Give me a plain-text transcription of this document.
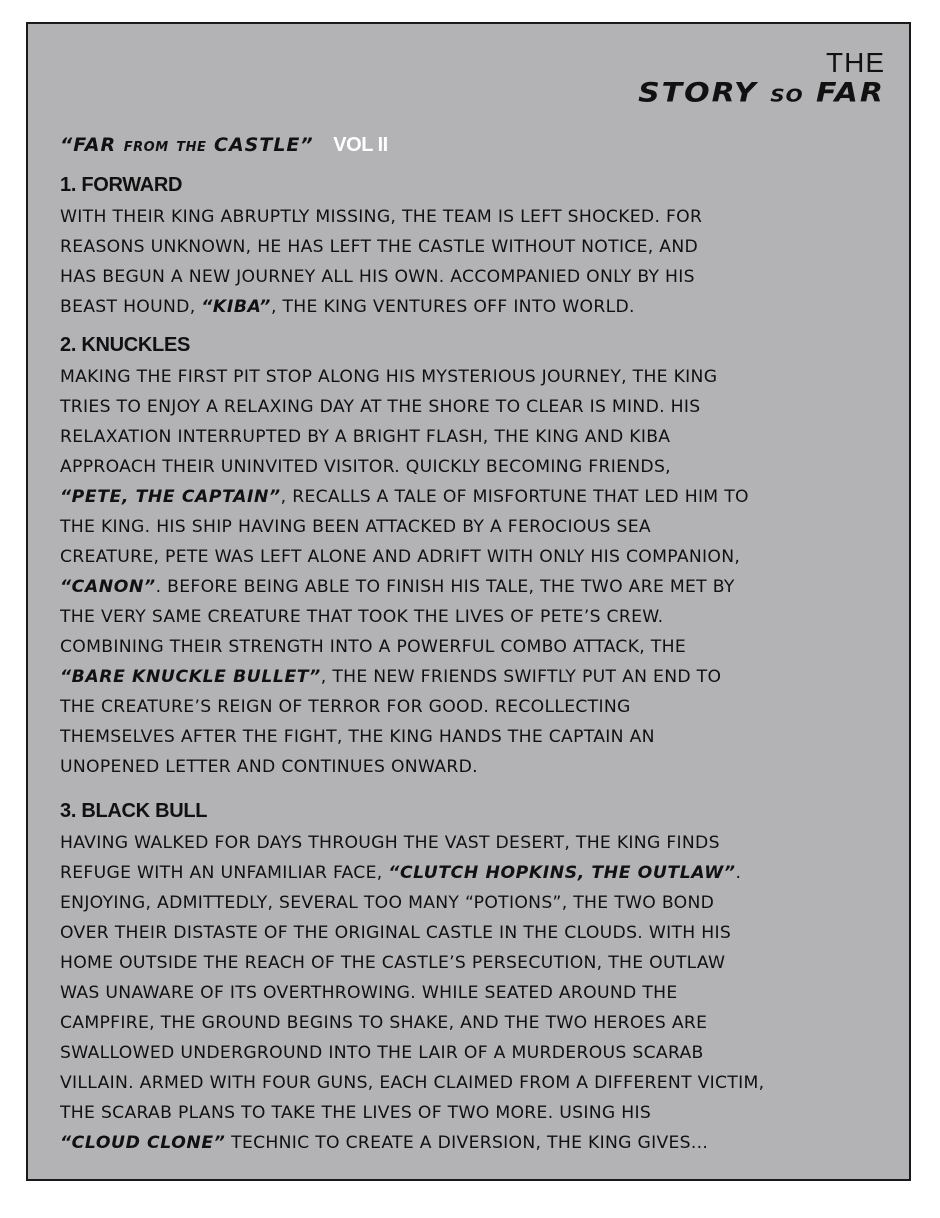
THE
STORY SO FAR
“FAR FROM THE CASTLE” VOL II
1. FORWARD
WITH THEIR KING ABRUPTLY MISSING, THE TEAM IS LEFT SHOCKED. FOR
REASONS UNKNOWN, HE HAS LEFT THE CASTLE WITHOUT NOTICE, AND
HAS BEGUN A NEW JOURNEY ALL HIS OWN. ACCOMPANIED ONLY BY HIS
BEAST HOUND, “KIBA”, THE KING VENTURES OFF INTO WORLD.
2. KNUCKLES
MAKING THE FIRST PIT STOP ALONG HIS MYSTERIOUS JOURNEY, THE KING
TRIES TO ENJOY A RELAXING DAY AT THE SHORE TO CLEAR IS MIND. HIS
RELAXATION INTERRUPTED BY A BRIGHT FLASH, THE KING AND KIBA
APPROACH THEIR UNINVITED VISITOR. QUICKLY BECOMING FRIENDS,
“PETE, THE CAPTAIN”, RECALLS A TALE OF MISFORTUNE THAT LED HIM TO
THE KING. HIS SHIP HAVING BEEN ATTACKED BY A FEROCIOUS SEA
CREATURE, PETE WAS LEFT ALONE AND ADRIFT WITH ONLY HIS COMPANION,
“CANON”. BEFORE BEING ABLE TO FINISH HIS TALE, THE TWO ARE MET BY
THE VERY SAME CREATURE THAT TOOK THE LIVES OF PETE’S CREW.
COMBINING THEIR STRENGTH INTO A POWERFUL COMBO ATTACK, THE
“BARE KNUCKLE BULLET”, THE NEW FRIENDS SWIFTLY PUT AN END TO
THE CREATURE’S REIGN OF TERROR FOR GOOD. RECOLLECTING
THEMSELVES AFTER THE FIGHT, THE KING HANDS THE CAPTAIN AN
UNOPENED LETTER AND CONTINUES ONWARD.
3. BLACK BULL
HAVING WALKED FOR DAYS THROUGH THE VAST DESERT, THE KING FINDS
REFUGE WITH AN UNFAMILIAR FACE, “CLUTCH HOPKINS, THE OUTLAW”.
ENJOYING, ADMITTEDLY, SEVERAL TOO MANY “POTIONS”, THE TWO BOND
OVER THEIR DISTASTE OF THE ORIGINAL CASTLE IN THE CLOUDS. WITH HIS
HOME OUTSIDE THE REACH OF THE CASTLE’S PERSECUTION, THE OUTLAW
WAS UNAWARE OF ITS OVERTHROWING. WHILE SEATED AROUND THE
CAMPFIRE, THE GROUND BEGINS TO SHAKE, AND THE TWO HEROES ARE
SWALLOWED UNDERGROUND INTO THE LAIR OF A MURDEROUS SCARAB
VILLAIN. ARMED WITH FOUR GUNS, EACH CLAIMED FROM A DIFFERENT VICTIM,
THE SCARAB PLANS TO TAKE THE LIVES OF TWO MORE. USING HIS
“CLOUD CLONE” TECHNIC TO CREATE A DIVERSION, THE KING GIVES...
